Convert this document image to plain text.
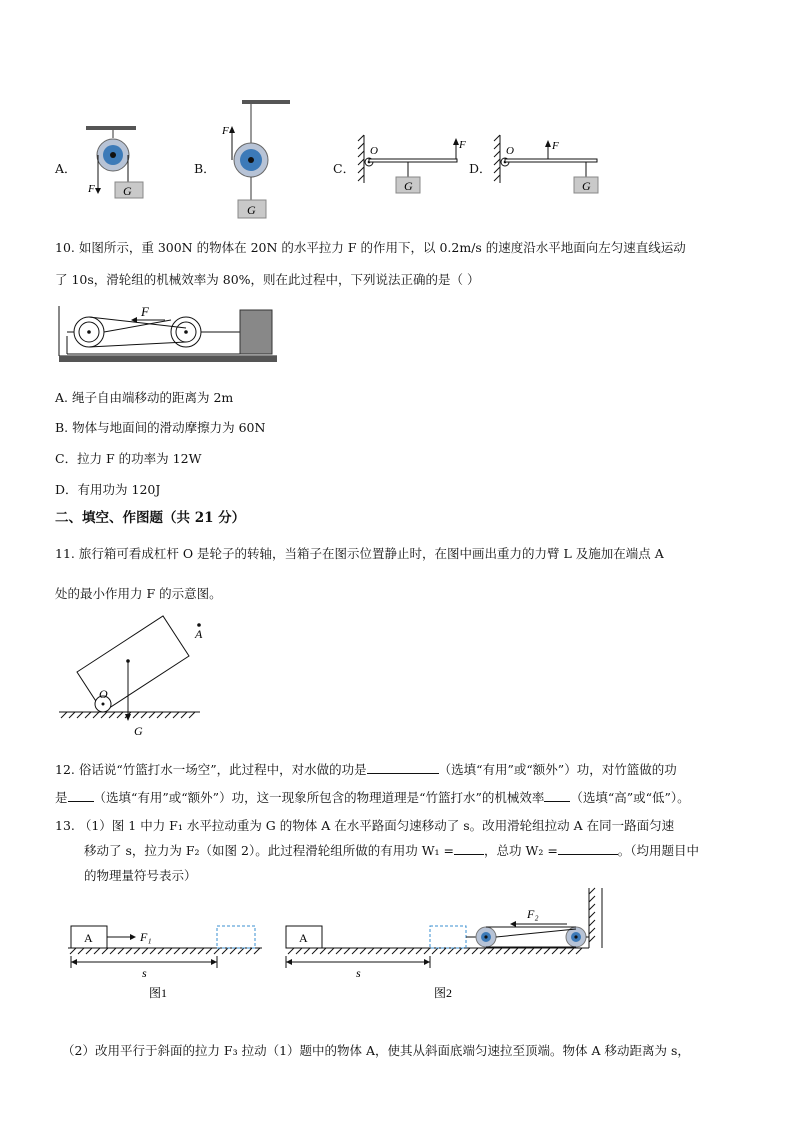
A．
F G
B．
F
G
C．
O	F
G
D．
O	F
G
10. 如图所示，重 300N 的物体在 20N 的水平拉力 F 的作用下，以 0.2m/s 的速度沿水平地面向左匀速直线运动
了 10s，滑轮组的机械效率为 80%，则在此过程中，下列说法正确的是（ ）
F
A. 绳子自由端移动的距离为 2m
B. 物体与地面间的滑动摩擦力为 60N
C．拉力 F 的功率为 12W
D．有用功为 120J
二、填空、作图题（共 21 分）
11. 旅行箱可看成杠杆 O 是轮子的转轴，当箱子在图示位置静止时，在图中画出重力的力臂 L 及施加在端点 A
处的最小作用力 F 的示意图。
A
O
G
12. 俗话说“竹篮打水一场空”，此过程中，对水做的功是	（选填“有用”或“额外”）功，对竹篮做的功
是 （选填“有用”或“额外”）功，这一现象所包含的物理道理是“竹篮打水”的机械效率 （选填“高”或“低”）。
13. （1）图 1 中力 F₁ 水平拉动重为 G 的物体 A 在水平路面匀速移动了 s。改用滑轮组拉动 A 在同一路面匀速
移动了 s，拉力为 F₂（如图 2）。此过程滑轮组所做的有用功 W₁ = ，总功 W₂ =	。（均用题目中
的物理量符号表示）
A	F₁
s
图1
A
F₂
s
图2
（2）改用平行于斜面的拉力 F₃ 拉动（1）题中的物体 A，使其从斜面底端匀速拉至顶端。物体 A 移动距离为 s，
